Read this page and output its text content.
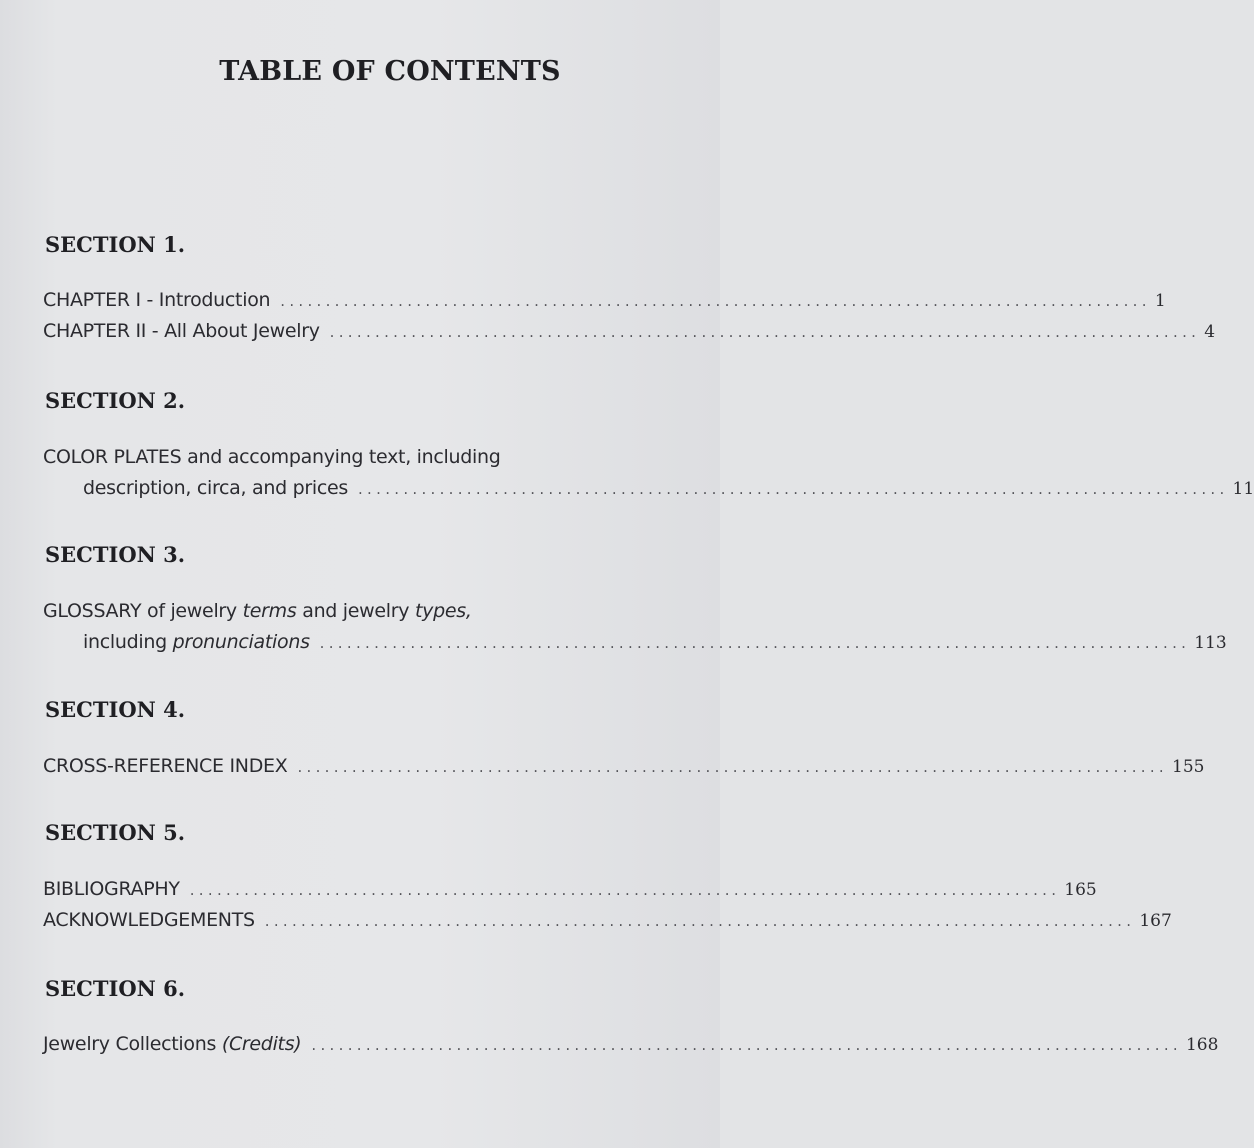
TABLE OF CONTENTS
SECTION 1.
CHAPTER I - Introduction ................................................................................................ 1
CHAPTER II - All About Jewelry ................................................................................................ 4
SECTION 2.
COLOR PLATES and accompanying text, including
description, circa, and prices ................................................................................................ 11
SECTION 3.
GLOSSARY of jewelry terms and jewelry types,
including pronunciations ................................................................................................ 113
SECTION 4.
CROSS-REFERENCE INDEX ................................................................................................ 155
SECTION 5.
BIBLIOGRAPHY ................................................................................................ 165
ACKNOWLEDGEMENTS ................................................................................................ 167
SECTION 6.
Jewelry Collections (Credits) ................................................................................................ 168
